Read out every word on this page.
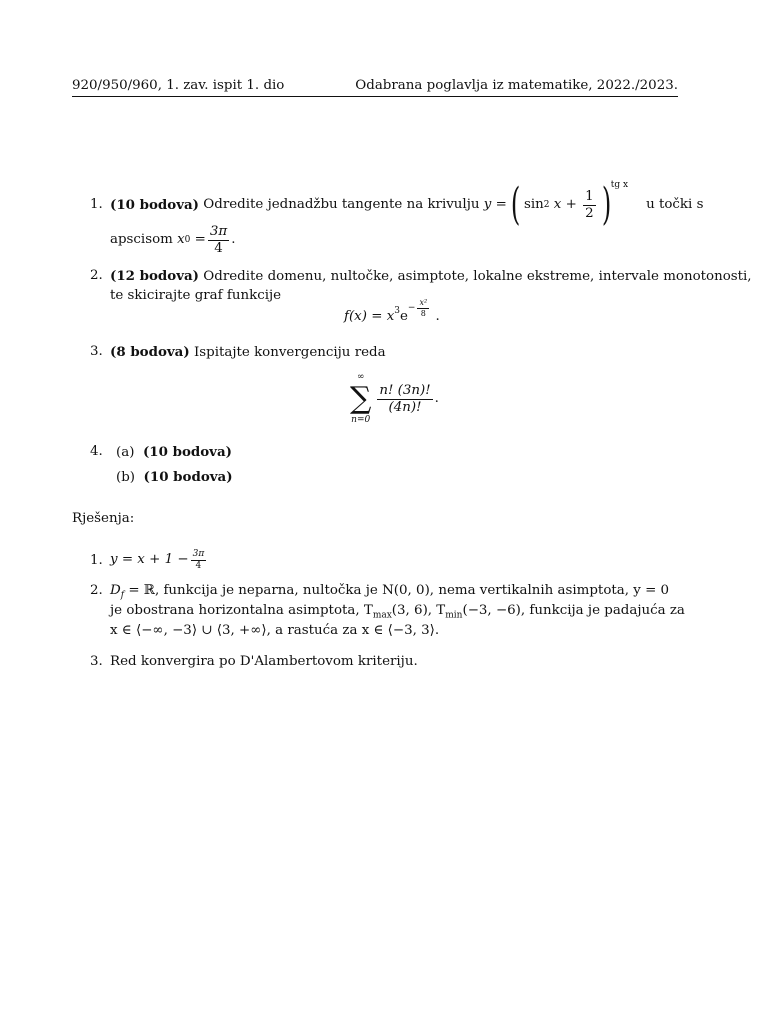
920/950/960, 1. zav. ispit 1. dio	Odabrana poglavlja iz matematike, 2022./2023.
1. (10 bodova)
Odredite jednadžbu tangente na krivulju
y = ( sin 2
$x + \frac{1}{2}$ ) tg x
u točki s
apscisom
x 0
= $\frac{3\pi}{4}$ .
2. (12 bodova) Odredite domenu, nultočke, asimptote, lokalne ekstreme, intervale monotonosti,
te skicirajte graf funkcije
$f(x) = x^3$ e
− $\frac{\text{x²}}{8}$ .
3. (8 bodova) Ispitajte konvergenciju reda
∞
∑
n=0
$\frac{n! (3n)!}{(4n)!}$ .
4. (a) (10 bodova)
(b) (10 bodova)
Rješenja:
1. $y = x + 1 - \frac{3\pi}{4}$
2. $D_f$ = ℝ, funkcija je neparna, nultočka je N(0, 0), nema vertikalnih asimptota, y = 0
je obostrana horizontalna asimptota, $T_{max}(3$, 6), $T_{min}(-3$, −6), funkcija je padajuća za
x ∈ ⟨−∞, −3⟩ ∪ ⟨3, +∞⟩, a rastuća za x ∈ ⟨−3, 3⟩.
3. Red konvergira po D'Alambertovom kriteriju.
